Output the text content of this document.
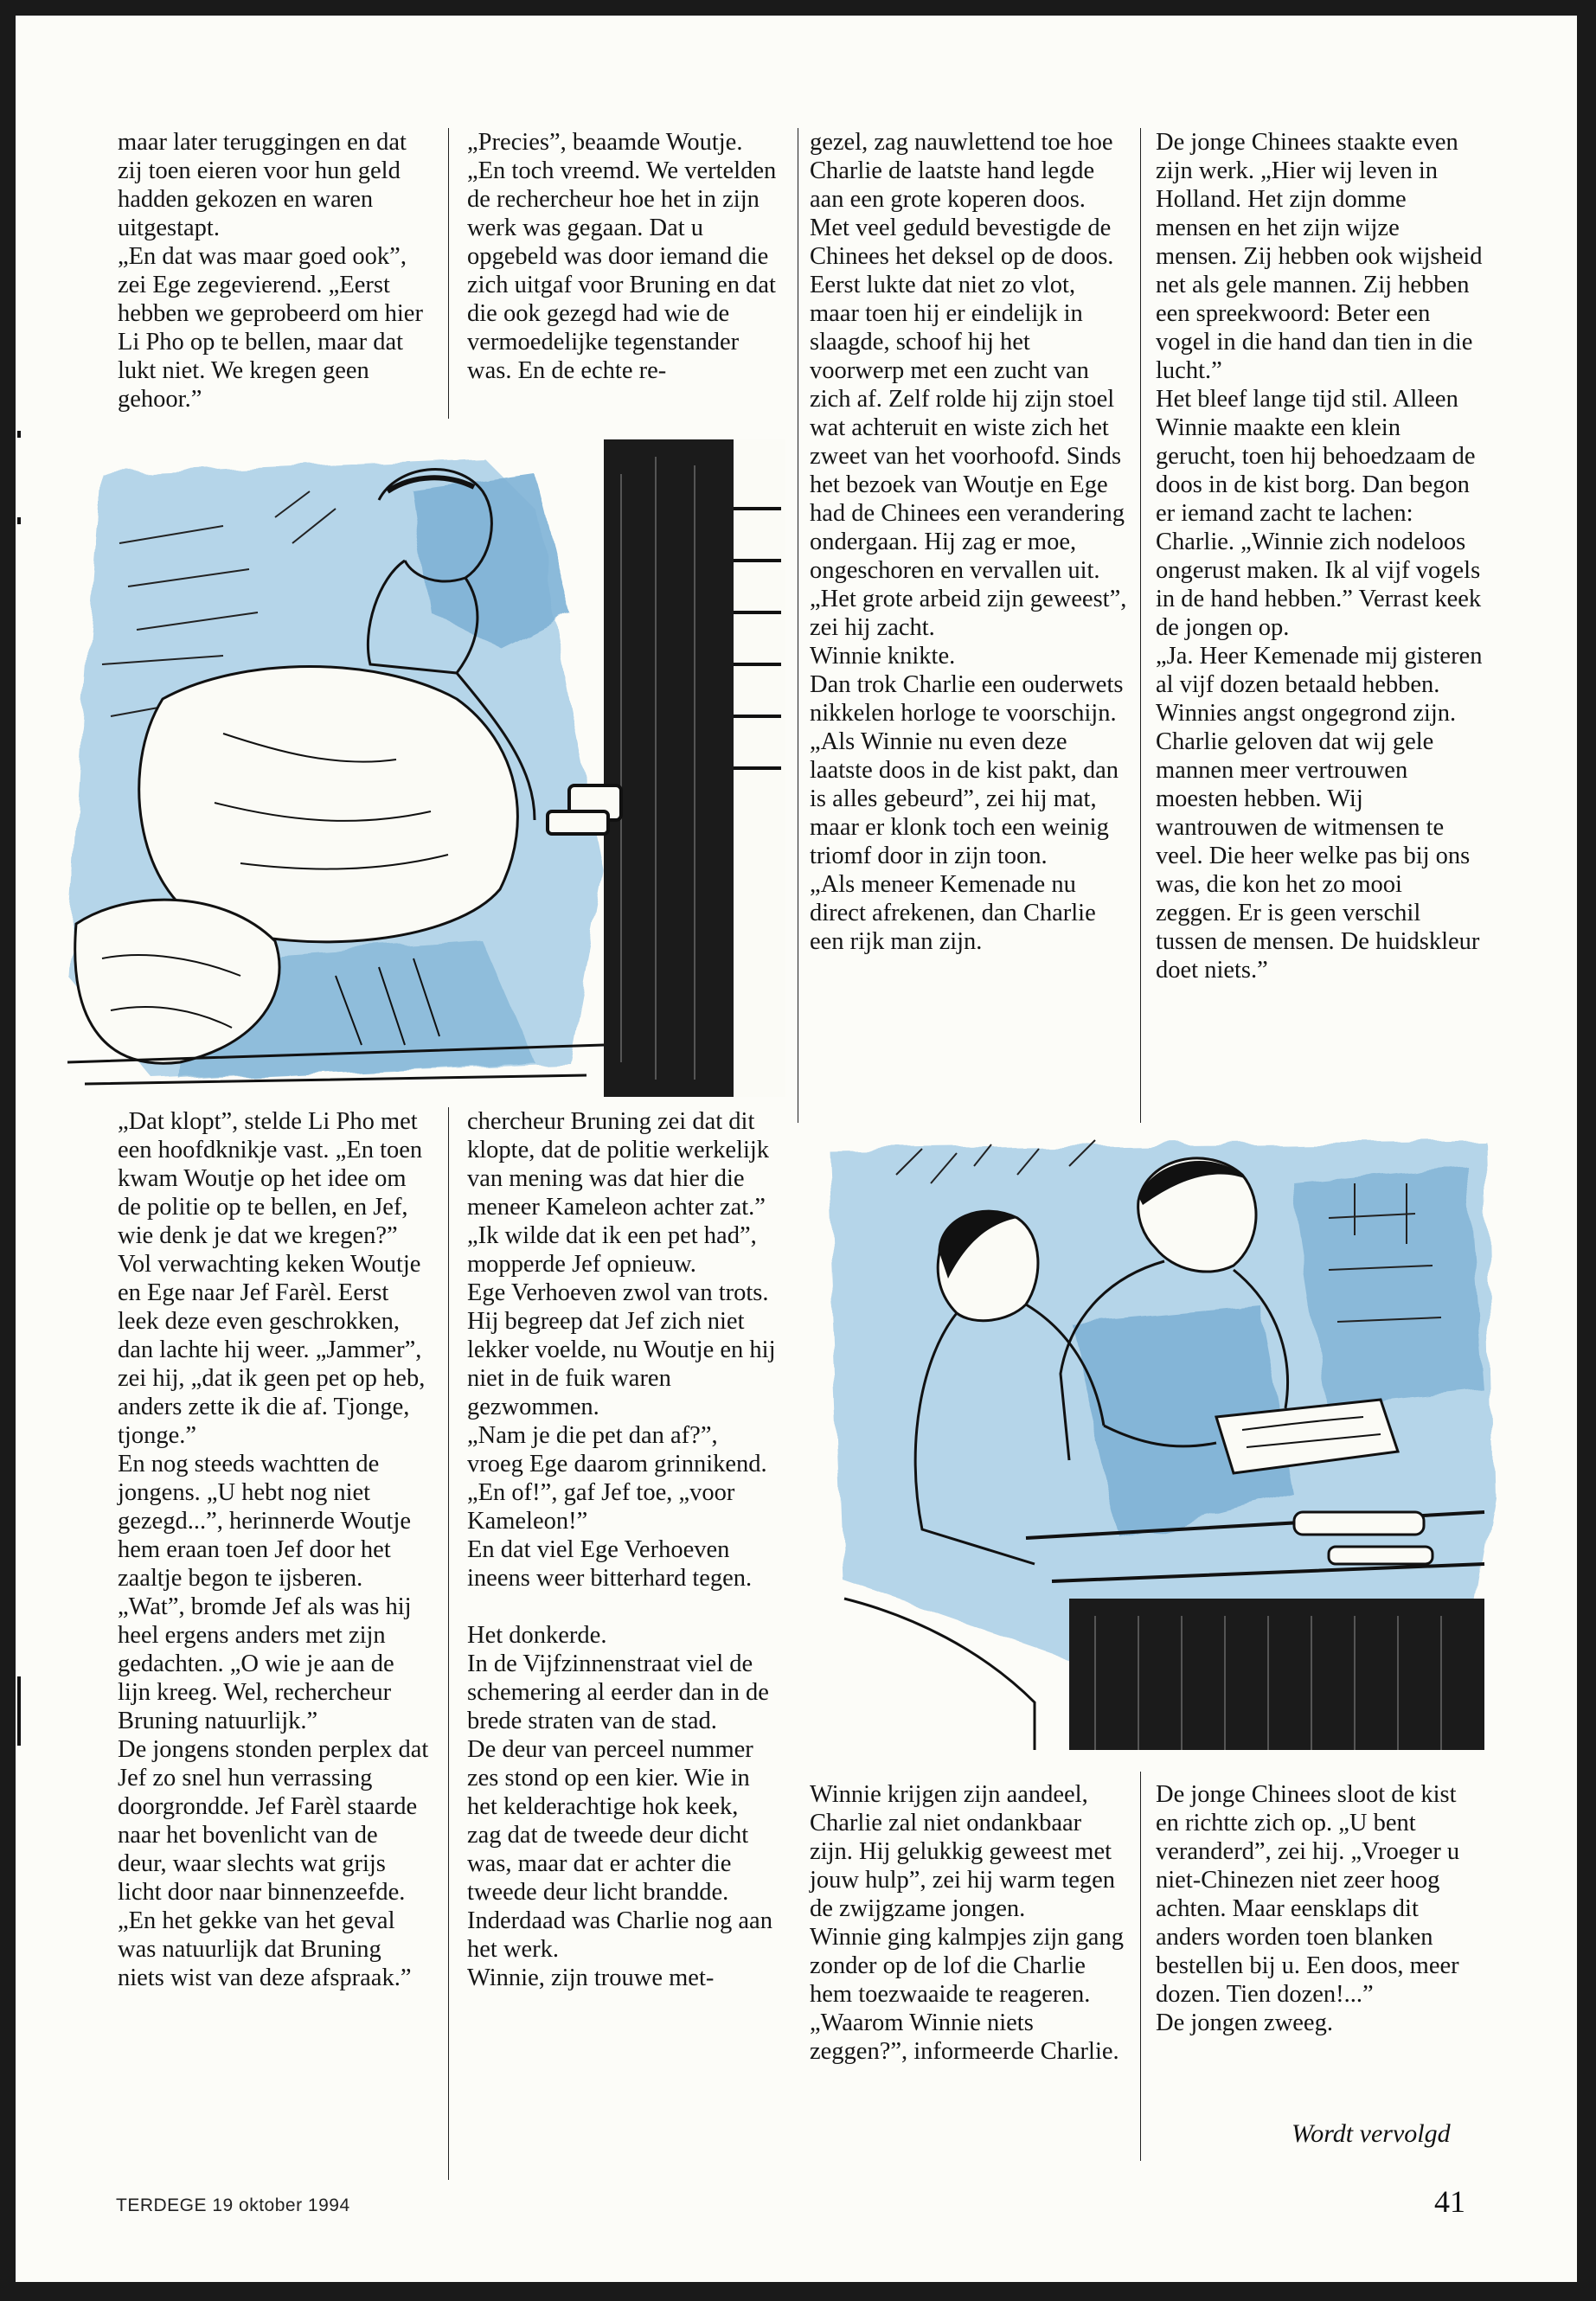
maar later teruggingen en dat zij toen eieren voor hun geld hadden gekozen en waren uitgestapt.

„En dat was maar goed ook”, zei Ege zegevierend. „Eerst hebben we geprobeerd om hier Li Pho op te bellen, maar dat lukt niet. We kregen geen gehoor.”

„Precies”, beaamde Woutje. „En toch vreemd. We vertelden de rechercheur hoe het in zijn werk was gegaan. Dat u opgebeld was door iemand die zich uitgaf voor Bruning en dat die ook gezegd had wie de vermoedelijke tegenstander was. En de echte re-

gezel, zag nauwlettend toe hoe Charlie de laatste hand legde aan een grote koperen doos.

Met veel geduld bevestigde de Chinees het deksel op de doos. Eerst lukte dat niet zo vlot, maar toen hij er eindelijk in slaagde, schoof hij het voorwerp met een zucht van zich af. Zelf rolde hij zijn stoel wat achteruit en wiste zich het zweet van het voorhoofd. Sinds het bezoek van Woutje en Ege had de Chinees een verandering ondergaan. Hij zag er moe, ongeschoren en vervallen uit.

„Het grote arbeid zijn geweest”, zei hij zacht.

Winnie knikte.

Dan trok Charlie een ouderwets nikkelen horloge te voorschijn. „Als Winnie nu even deze laatste doos in de kist pakt, dan is alles gebeurd”, zei hij mat, maar er klonk toch een weinig triomf door in zijn toon.

„Als meneer Kemenade nu direct afrekenen, dan Charlie een rijk man zijn.

De jonge Chinees staakte even zijn werk. „Hier wij leven in Holland. Het zijn domme mensen en het zijn wijze mensen. Zij hebben ook wijsheid net als gele mannen. Zij hebben een spreekwoord: Beter een vogel in die hand dan tien in die lucht.”

Het bleef lange tijd stil. Alleen Winnie maakte een klein gerucht, toen hij behoedzaam de doos in de kist borg. Dan begon er iemand zacht te lachen: Charlie. „Winnie zich nodeloos ongerust maken. Ik al vijf vogels in de hand hebben.” Verrast keek de jongen op.

„Ja. Heer Kemenade mij gisteren al vijf dozen betaald hebben. Winnies angst ongegrond zijn. Charlie geloven dat wij gele mannen meer vertrouwen moesten hebben. Wij wantrouwen de witmensen te veel. Die heer welke pas bij ons was, die kon het zo mooi zeggen. Er is geen verschil tussen de mensen. De huidskleur doet niets.”

„Dat klopt”, stelde Li Pho met een hoofdknikje vast. „En toen kwam Woutje op het idee om de politie op te bellen, en Jef, wie denk je dat we kregen?”

Vol verwachting keken Woutje en Ege naar Jef Farèl. Eerst leek deze even geschrokken, dan lachte hij weer. „Jammer”, zei hij, „dat ik geen pet op heb, anders zette ik die af. Tjonge, tjonge.”

En nog steeds wachtten de jongens. „U hebt nog niet gezegd...”, herinnerde Woutje hem eraan toen Jef door het zaaltje begon te ijsberen.

„Wat”, bromde Jef als was hij heel ergens anders met zijn gedachten. „O wie je aan de lijn kreeg. Wel, rechercheur Bruning natuurlijk.”

De jongens stonden perplex dat Jef zo snel hun verrassing doorgrondde. Jef Farèl staarde naar het bovenlicht van de deur, waar slechts wat grijs licht door naar binnenzeefde.

„En het gekke van het geval was natuurlijk dat Bruning niets wist van deze afspraak.”

chercheur Bruning zei dat dit klopte, dat de politie werkelijk van mening was dat hier die meneer Kameleon achter zat.”

„Ik wilde dat ik een pet had”, mopperde Jef opnieuw.

Ege Verhoeven zwol van trots. Hij begreep dat Jef zich niet lekker voelde, nu Woutje en hij niet in de fuik waren gezwommen.

„Nam je die pet dan af?”, vroeg Ege daarom grinnikend.

„En of!”, gaf Jef toe, „voor Kameleon!”

En dat viel Ege Verhoeven ineens weer bitterhard tegen.

Het donkerde.

In de Vijfzinnenstraat viel de schemering al eerder dan in de brede straten van de stad.

De deur van perceel nummer zes stond op een kier. Wie in het kelderachtige hok keek, zag dat de tweede deur dicht was, maar dat er achter die tweede deur licht brandde. Inderdaad was Charlie nog aan het werk.

Winnie, zijn trouwe met-

Winnie krijgen zijn aandeel, Charlie zal niet ondankbaar zijn. Hij gelukkig geweest met jouw hulp”, zei hij warm tegen de zwijgzame jongen.

Winnie ging kalmpjes zijn gang zonder op de lof die Charlie hem toezwaaide te reageren.

„Waarom Winnie niets zeggen?”, informeerde Charlie.

De jonge Chinees sloot de kist en richtte zich op. „U bent veranderd”, zei hij. „Vroeger u niet-Chinezen niet zeer hoog achten. Maar eensklaps dit anders worden toen blanken bestellen bij u. Een doos, meer dozen. Tien dozen!...”

De jongen zweeg.

Wordt vervolgd
TERDEGE 19 oktober 1994	41
